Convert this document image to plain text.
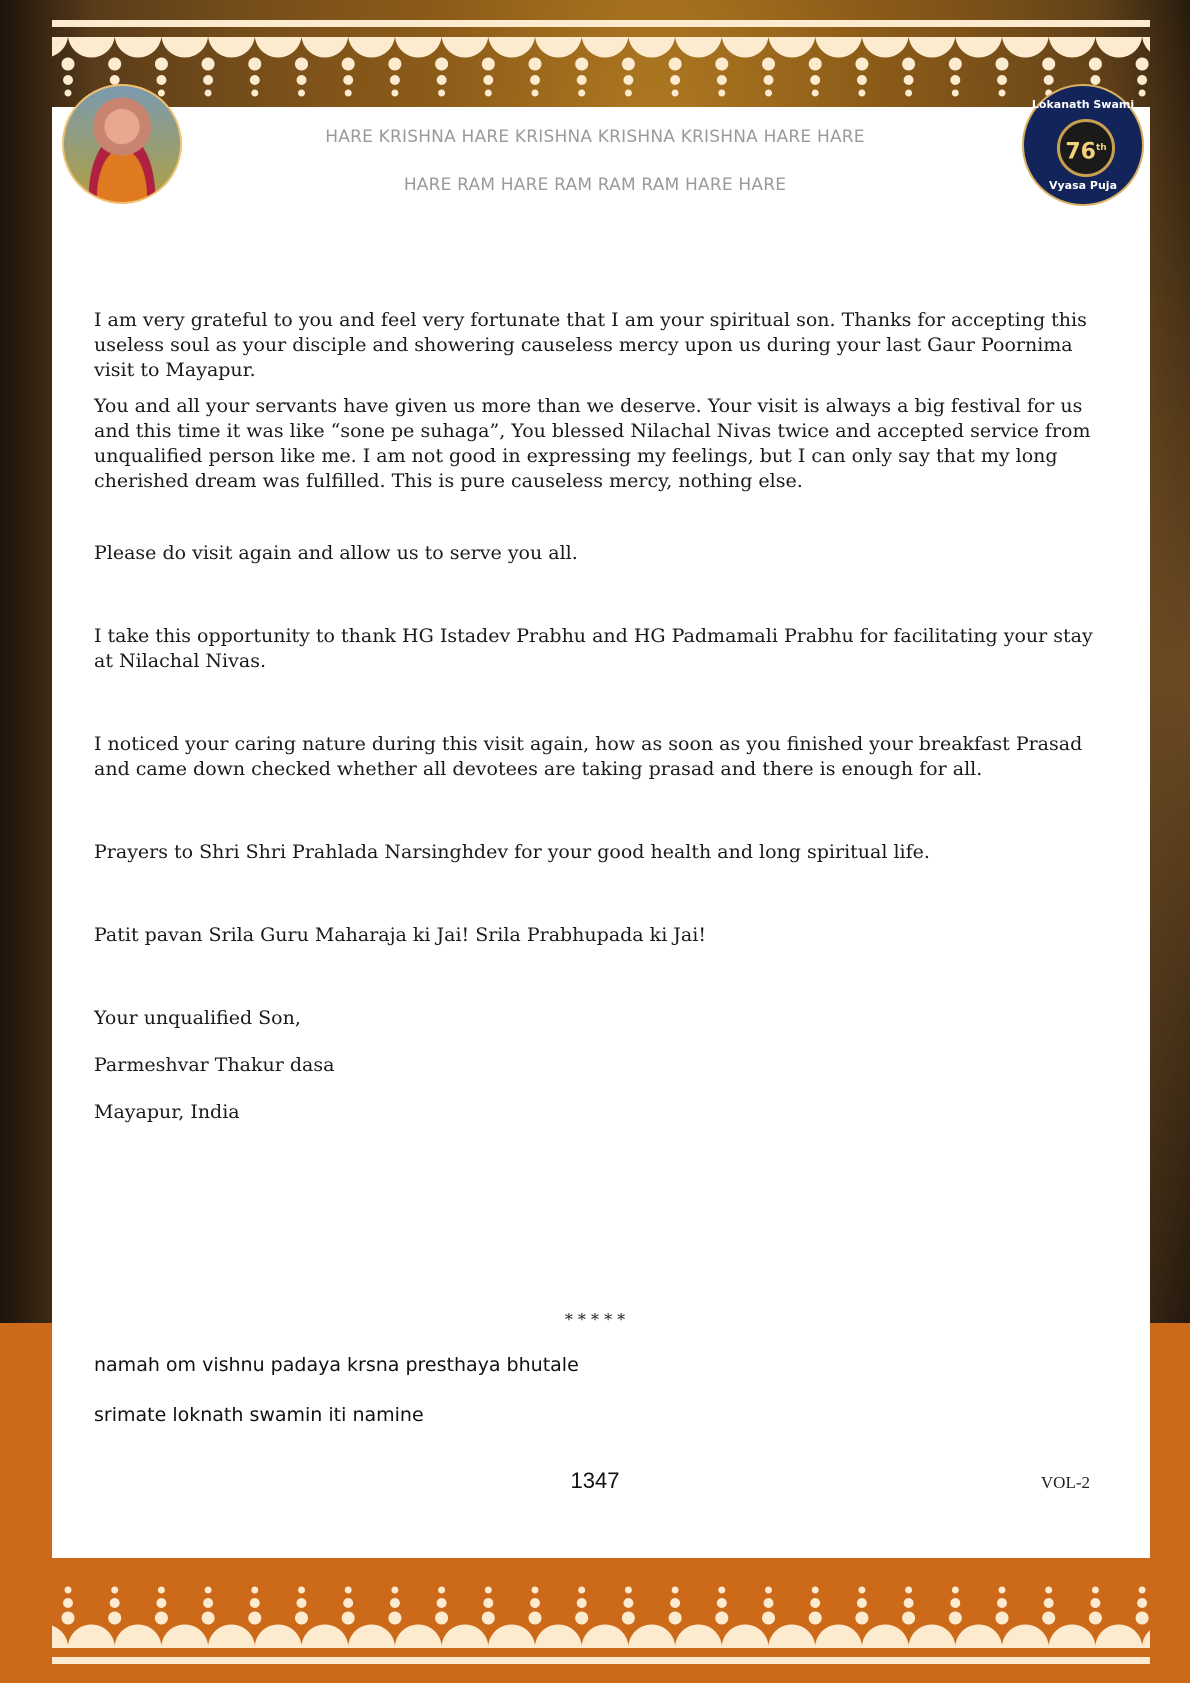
Lokanath Swami
76th
Vyasa Puja
HARE KRISHNA HARE KRISHNA KRISHNA KRISHNA HARE HARE
HARE RAM HARE RAM RAM RAM HARE HARE

I am very grateful to you and feel very fortunate that I am your spiritual son. Thanks for accepting this useless soul as your disciple and showering causeless mercy upon us during your last Gaur Poornima visit to Mayapur.

You and all your servants have given us more than we deserve. Your visit is always a big festival for us and this time it was like “sone pe suhaga”, You blessed Nilachal Nivas twice and accepted service from unqualified person like me. I am not good in expressing my feelings, but I can only say that my long cherished dream was fulfilled. This is pure causeless mercy, nothing else.

Please do visit again and allow us to serve you all.

I take this opportunity to thank HG Istadev Prabhu and HG Padmamali Prabhu for facilitating your stay at Nilachal Nivas.

I noticed your caring nature during this visit again, how as soon as you finished your breakfast Prasad and came down checked whether all devotees are taking prasad and there is enough for all.

Prayers to Shri Shri Prahlada Narsinghdev for your good health and long spiritual life.

Patit pavan Srila Guru Maharaja ki Jai! Srila Prabhupada ki Jai!

Your unqualified Son,

Parmeshvar Thakur dasa

Mayapur, India

* * * * *
namah om vishnu padaya krsna presthaya bhutale
srimate loknath swamin iti namine
1347	VOL-2
